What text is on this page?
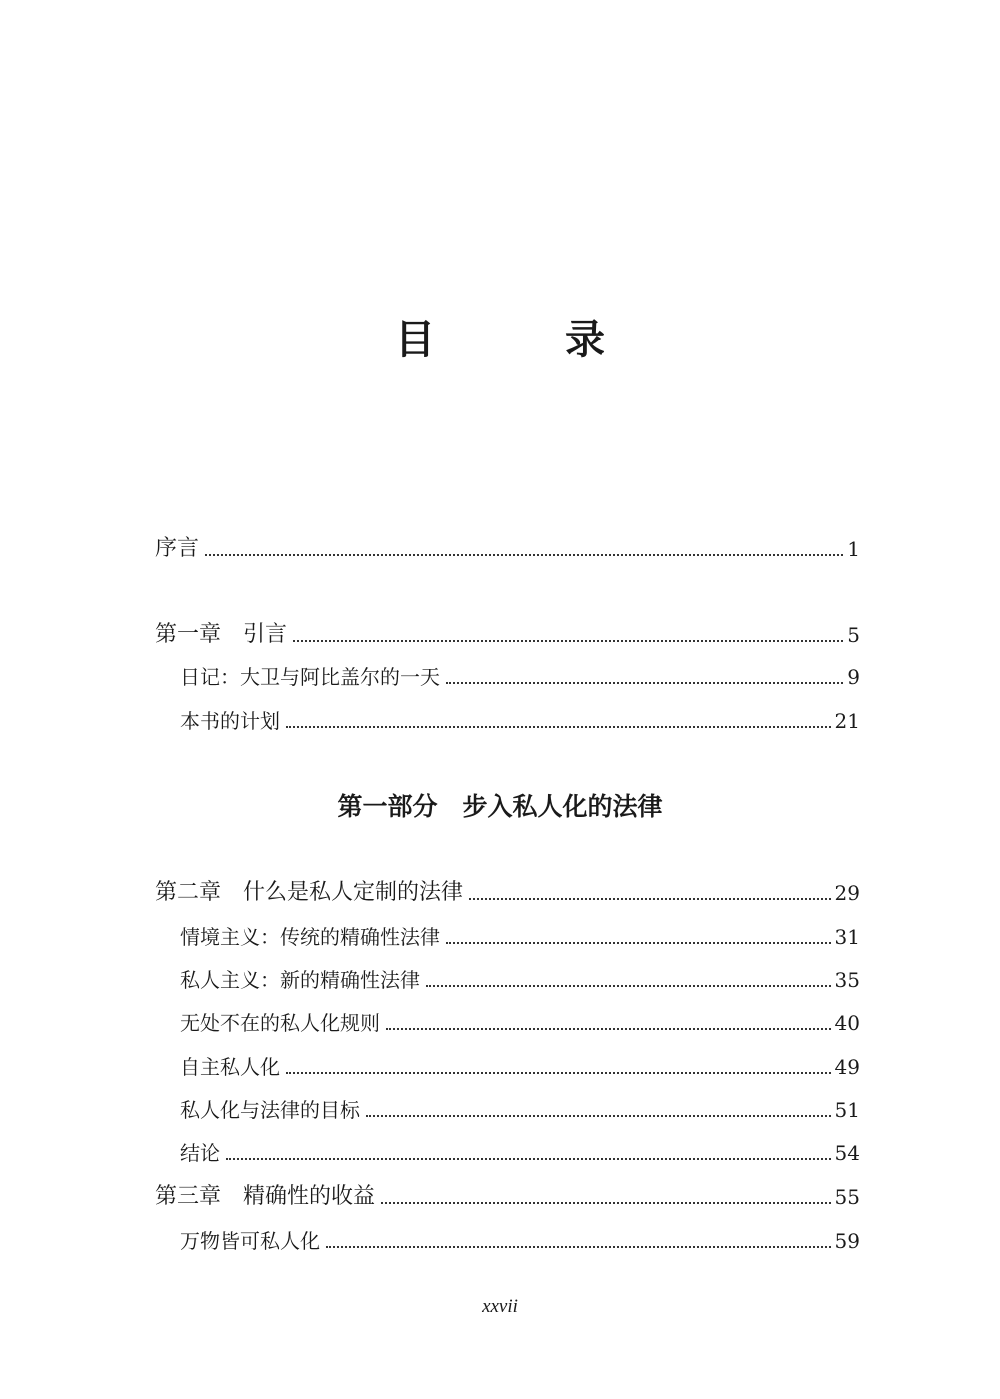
目 录
序言	1
第一章　引言	5
日记：大卫与阿比盖尔的一天	9
本书的计划	21
第一部分　步入私人化的法律
第二章　什么是私人定制的法律	29
情境主义：传统的精确性法律	31
私人主义：新的精确性法律	35
无处不在的私人化规则	40
自主私人化	49
私人化与法律的目标	51
结论	54
第三章　精确性的收益	55
万物皆可私人化	59
xxvii
